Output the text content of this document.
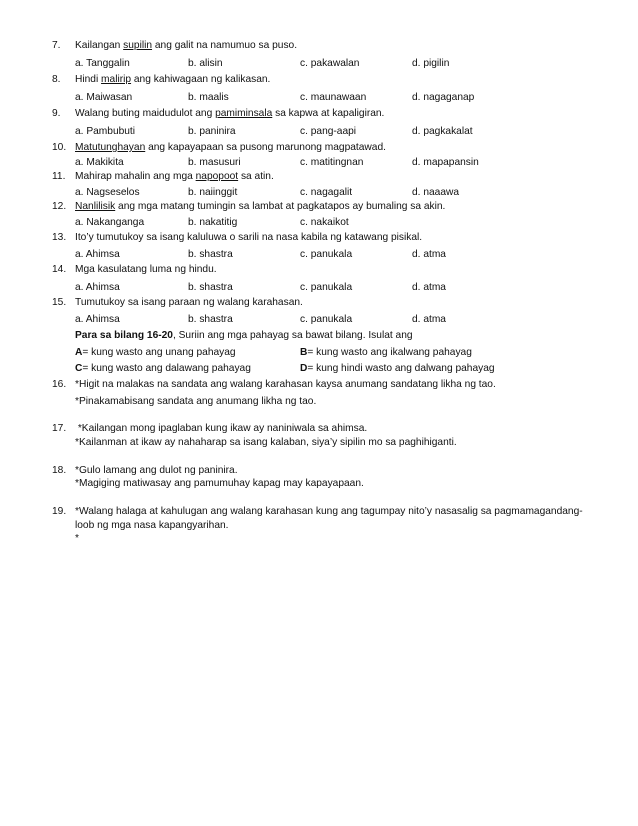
7.	Kailangan supilin ang galit na namumuo sa puso.
a. Tanggalin	b. alisin	c. pakawalan	d. pigilin
8.	Hindi malirip ang kahiwagaan ng kalikasan.
a. Maiwasan	b. maalis	c. maunawaan	d. nagaganap
9.	Walang buting maidudulot ang pamiminsala sa kapwa at kapaligiran.
a. Pambubuti	b. paninira	c. pang-aapi	d. pagkakalat
10. Matutunghayan ang kapayapaan sa pusong marunong magpatawad.
a. Makikita	b. masusuri	c. matitingnan	d. mapapansin
11. Mahirap mahalin ang mga napopoot sa atin.
a. Nagseselos	b. naiinggit	c. nagagalit	d. naaawa
12. Nanlilisik ang mga matang tumingin sa lambat at pagkatapos ay bumaling sa akin.
a. Nakanganga	b. nakatitig	c. nakaikot
13. Ito’y tumutukoy sa isang kaluluwa o sarili na nasa kabila ng katawang pisikal.
a. Ahimsa	b. shastra	c. panukala	d. atma
14. Mga kasulatang luma ng hindu.
a. Ahimsa	b. shastra	c. panukala	d. atma
15. Tumutukoy sa isang paraan ng walang karahasan.
a. Ahimsa	b. shastra	c. panukala	d. atma
Para sa bilang 16-20, Suriin ang mga pahayag sa bawat bilang. Isulat ang
A= kung wasto ang unang pahayag	B= kung wasto ang ikalwang pahayag
C= kung wasto ang dalawang pahayag	D= kung hindi wasto ang dalwang pahayag
16. *Higit na malakas na sandata ang walang karahasan kaysa anumang sandatang likha ng tao.
*Pinakamabisang sandata ang anumang likha ng tao.
17. *Kailangan mong ipaglaban kung ikaw ay naniniwala sa ahimsa.
*Kailanman at ikaw ay nahaharap sa isang kalaban, siya’y sipilin mo sa paghihiganti.
18. *Gulo lamang ang dulot ng paninira.
*Magiging matiwasay ang pamumuhay kapag may kapayapaan.
19. *Walang halaga at kahulugan ang walang karahasan kung ang tagumpay nito’y nasasalig sa pagmamagandang-
loob ng mga nasa kapangyarihan.
*
